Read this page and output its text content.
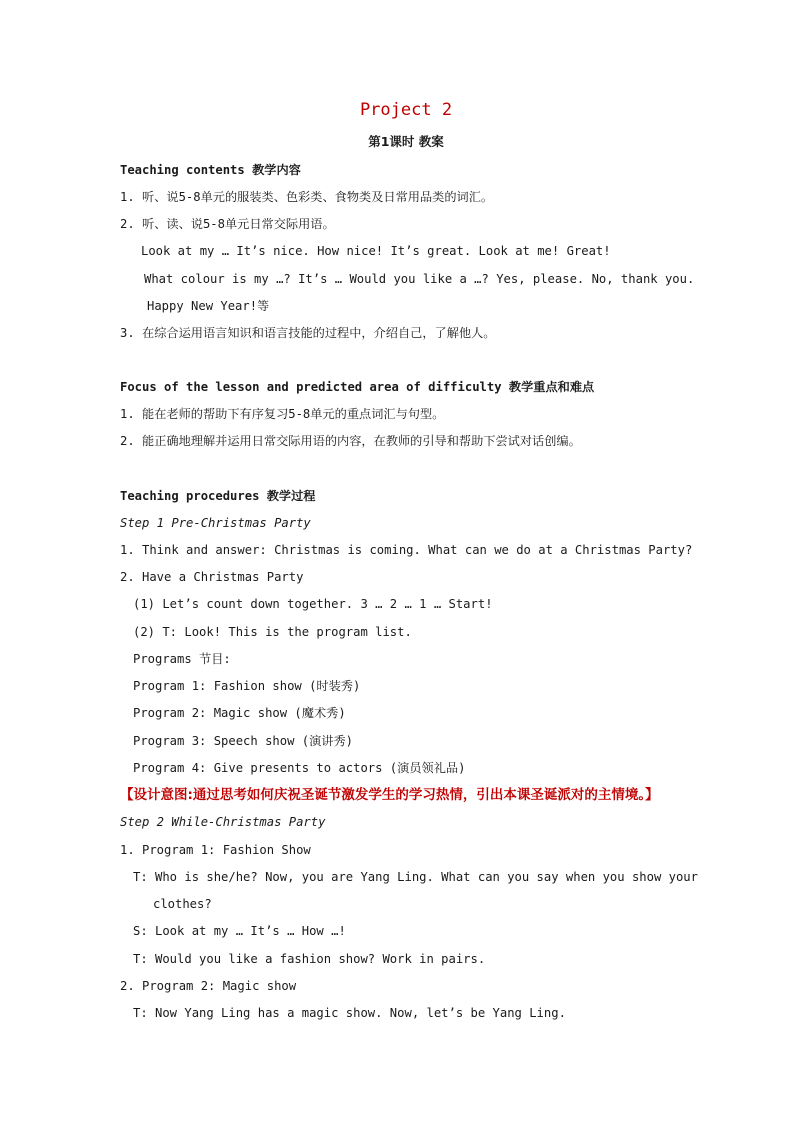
Project 2
第1课时 教案
Teaching contents 教学内容
1. 听、说5-8单元的服装类、色彩类、食物类及日常用品类的词汇。
2. 听、读、说5-8单元日常交际用语。
Look at my … It’s nice. How nice! It’s great. Look at me! Great!
What colour is my …? It’s … Would you like a …? Yes, please. No, thank you.
Happy New Year!等
3. 在综合运用语言知识和语言技能的过程中，介绍自己，了解他人。
Focus of the lesson and predicted area of difficulty 教学重点和难点
1. 能在老师的帮助下有序复习5-8单元的重点词汇与句型。
2. 能正确地理解并运用日常交际用语的内容，在教师的引导和帮助下尝试对话创编。
Teaching procedures 教学过程
Step 1 Pre-Christmas Party
1. Think and answer: Christmas is coming. What can we do at a Christmas Party?
2. Have a Christmas Party
(1) Let’s count down together. 3 … 2 … 1 … Start!
(2) T: Look! This is the program list.
Programs 节目:
Program 1: Fashion show (时装秀)
Program 2: Magic show (魔术秀)
Program 3: Speech show (演讲秀)
Program 4: Give presents to actors (演员领礼品)
【设计意图:通过思考如何庆祝圣诞节激发学生的学习热情，引出本课圣诞派对的主情境。】
Step 2 While-Christmas Party
1. Program 1: Fashion Show
T: Who is she/he? Now, you are Yang Ling. What can you say when you show your
clothes?
S: Look at my … It’s … How …!
T: Would you like a fashion show? Work in pairs.
2. Program 2: Magic show
T: Now Yang Ling has a magic show. Now, let’s be Yang Ling.
